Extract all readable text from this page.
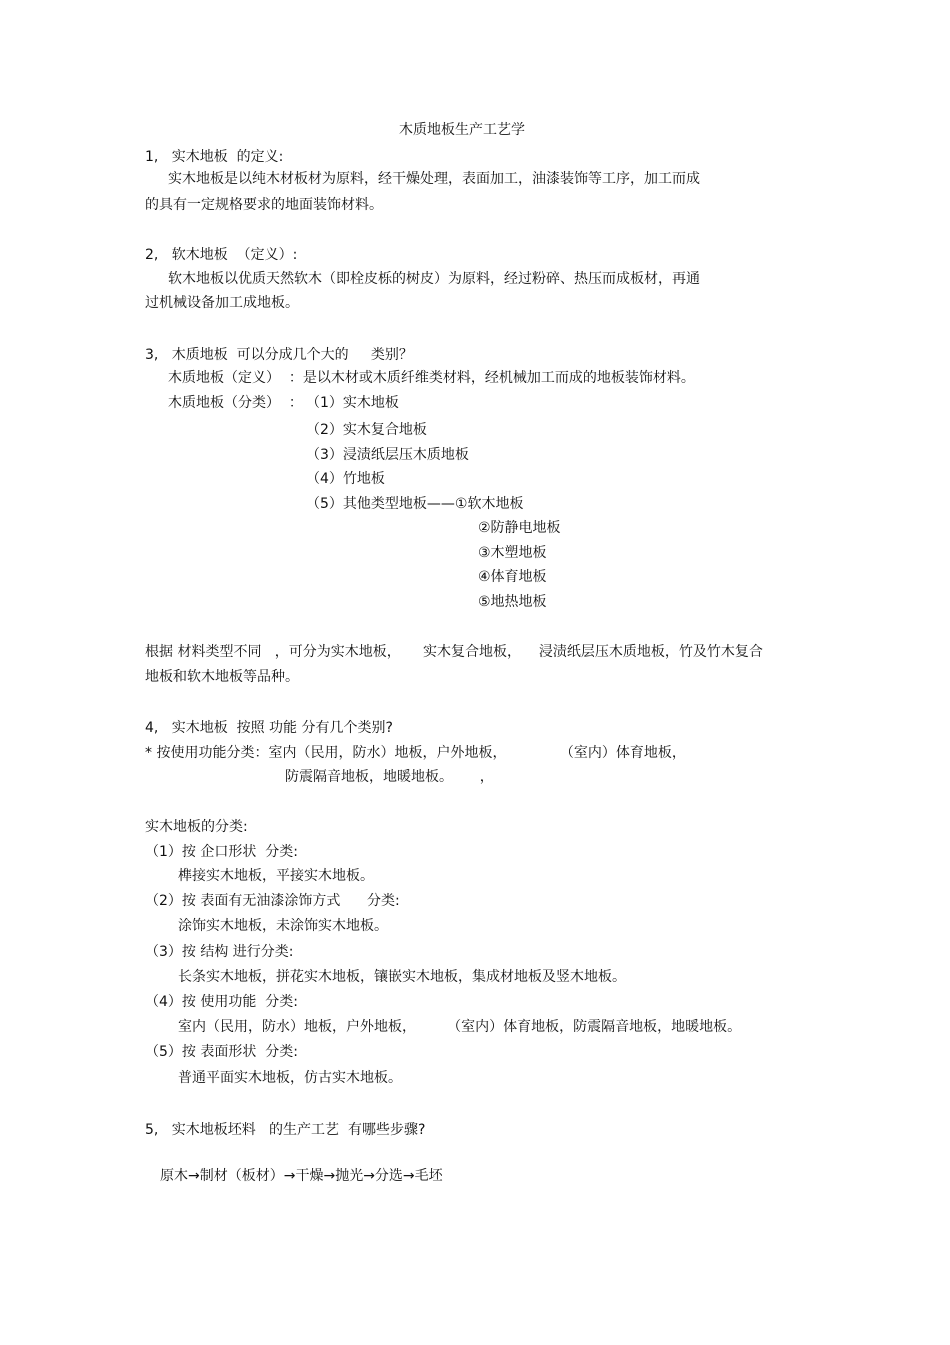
木质地板生产工艺学
1,   实木地板  的定义:
实木地板是以纯木材板材为原料，经干燥处理，表面加工，油漆装饰等工序，加工而成
的具有一定规格要求的地面装饰材料。
2,   软木地板  （定义）:
软木地板以优质天然软木（即栓皮栎的树皮）为原料，经过粉碎、热压而成板材，再通
过机械设备加工成地板。
3,   木质地板  可以分成几个大的     类别？
木质地板（定义）  ：是以木材或木质纤维类材料，经机械加工而成的地板装饰材料。
木质地板（分类）  ： （1）实木地板
（2）实木复合地板
（3）浸渍纸层压木质地板
（4）竹地板
（5）其他类型地板——①软木地板
②防静电地板
③木塑地板
④体育地板
⑤地热地板
根据 材料类型不同   ，可分为实木地板，     实木复合地板，    浸渍纸层压木质地板，竹及竹木复合
地板和软木地板等品种。
4,   实木地板  按照 功能 分有几个类别?
* 按使用功能分类：室内（民用，防水）地板，户外地板，            （室内）体育地板，
防震隔音地板，地暖地板。      ，
实木地板的分类:
（1）按 企口形状  分类:
榫接实木地板，平接实木地板。
（2）按 表面有无油漆涂饰方式      分类:
涂饰实木地板，未涂饰实木地板。
（3）按 结构 进行分类:
长条实木地板，拼花实木地板，镶嵌实木地板，集成材地板及竖木地板。
（4）按 使用功能  分类:
室内（民用，防水）地板，户外地板，       （室内）体育地板，防震隔音地板，地暖地板。
（5）按 表面形状  分类:
普通平面实木地板，仿古实木地板。
5,   实木地板坯料   的生产工艺  有哪些步骤?
原木→制材（板材）→干燥→抛光→分选→毛坯
